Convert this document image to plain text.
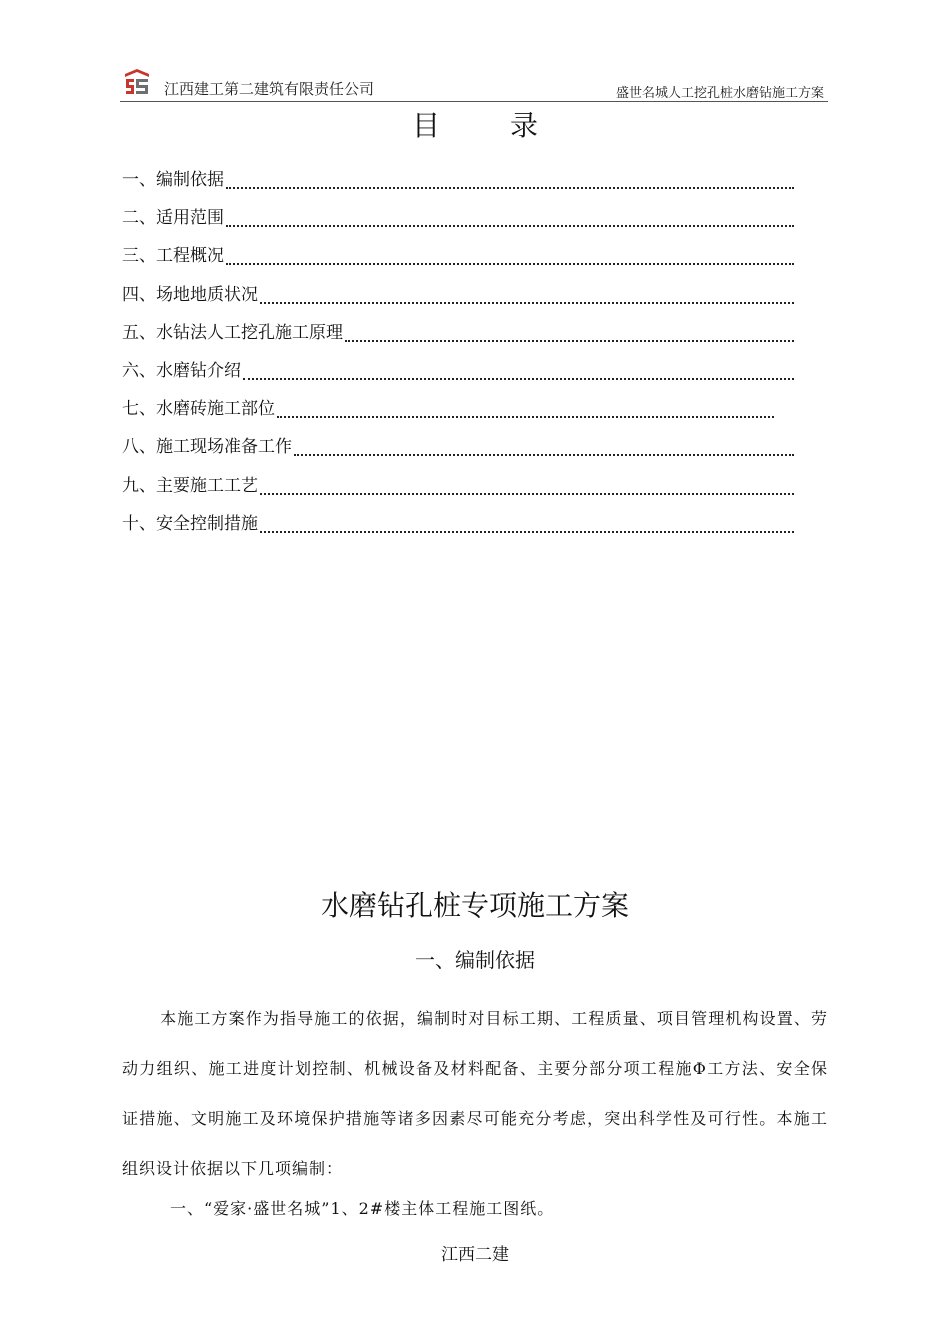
江西建工第二建筑有限责任公司	盛世名城人工挖孔桩水磨钻施工方案
目	录
一、编制依据
二、适用范围
三、工程概况
四、场地地质状况
五、水钻法人工挖孔施工原理
六、水磨钻介绍
七、水磨砖施工部位
八、施工现场准备工作
九、主要施工工艺
十、安全控制措施
水磨钻孔桩专项施工方案
一、编制依据

本施工方案作为指导施工的依据，编制时对目标工期、工程质量、项目管理机构设置、劳动力组织、施工进度计划控制、机械设备及材料配备、主要分部分项工程施Φ工方法、安全保证措施、文明施工及环境保护措施等诸多因素尽可能充分考虑，突出科学性及可行性。本施工组织设计依据以下几项编制：

一、“爱家·盛世名城”1、2#楼主体工程施工图纸。
江西二建
